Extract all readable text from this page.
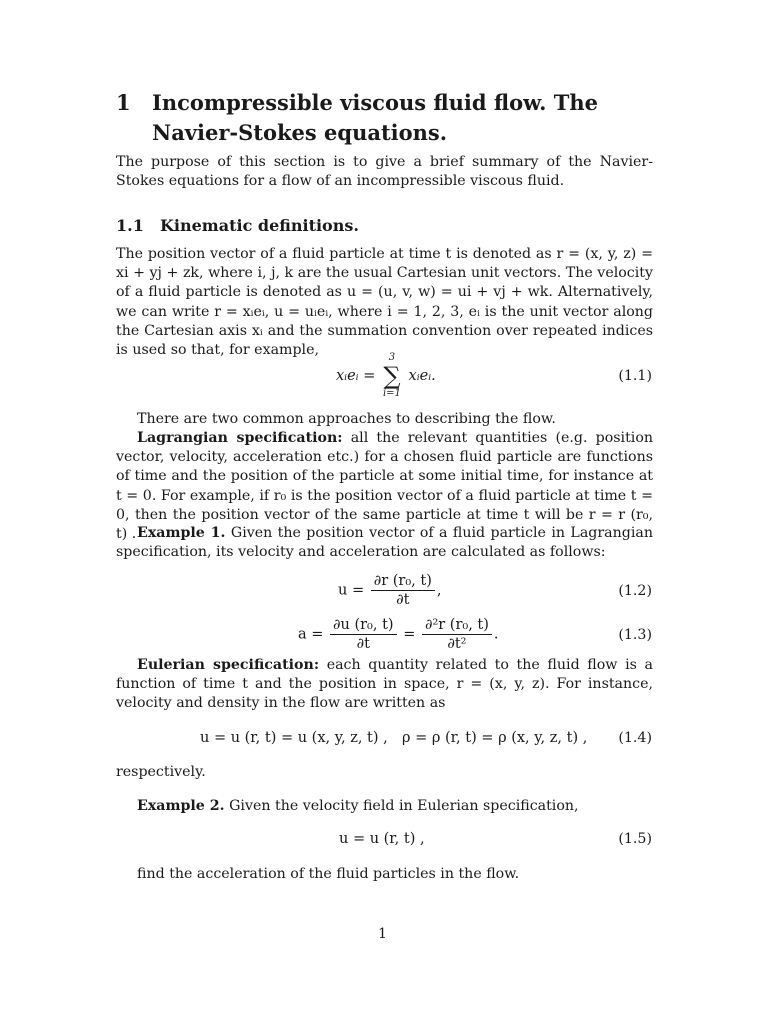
1 Incompressible viscous fluid flow. The Navier-Stokes equations.
The purpose of this section is to give a brief summary of the Navier-Stokes equations for a flow of an incompressible viscous fluid.
1.1 Kinematic definitions.
The position vector of a fluid particle at time t is denoted as r = (x, y, z) = xi + yj + zk, where i, j, k are the usual Cartesian unit vectors. The velocity of a fluid particle is denoted as u = (u, v, w) = ui + vj + wk. Alternatively, we can write r = xᵢeᵢ, u = uᵢeᵢ, where i = 1, 2, 3, eᵢ is the unit vector along the Cartesian axis xᵢ and the summation convention over repeated indices is used so that, for example,
xᵢeᵢ =
3
∑
i=1
xᵢeᵢ.	(1.1)
There are two common approaches to describing the flow.
Lagrangian specification: all the relevant quantities (e.g. position vector, velocity, acceleration etc.) for a chosen fluid particle are functions of time and the position of the particle at some initial time, for instance at t = 0. For example, if r₀ is the position vector of a fluid particle at time t = 0, then the position vector of the same particle at time t will be r = r (r₀, t) . Example 1. Given the position vector of a fluid particle in Lagrangian specification, its velocity and acceleration are calculated as follows:
$u = \frac{\text{∂r (r₀, t)}}{\partial t}$ ,	(1.2)
$a = \frac{\text{∂u (r₀, t)}}{\partial t} = \frac{\text{∂²r (r₀, t)}}{\text{∂t²}}$ .	(1.3)
Eulerian specification: each quantity related to the fluid flow is a function of time t and the position in space, r = (x, y, z). For instance, velocity and density in the flow are written as
u = u (r, t) = u (x, y, z, t) , ρ = ρ (r, t) = ρ (x, y, z, t) ,	(1.4)
respectively.
Example 2. Given the velocity field in Eulerian specification,
u = u (r, t) ,	(1.5)
find the acceleration of the fluid particles in the flow.
1
